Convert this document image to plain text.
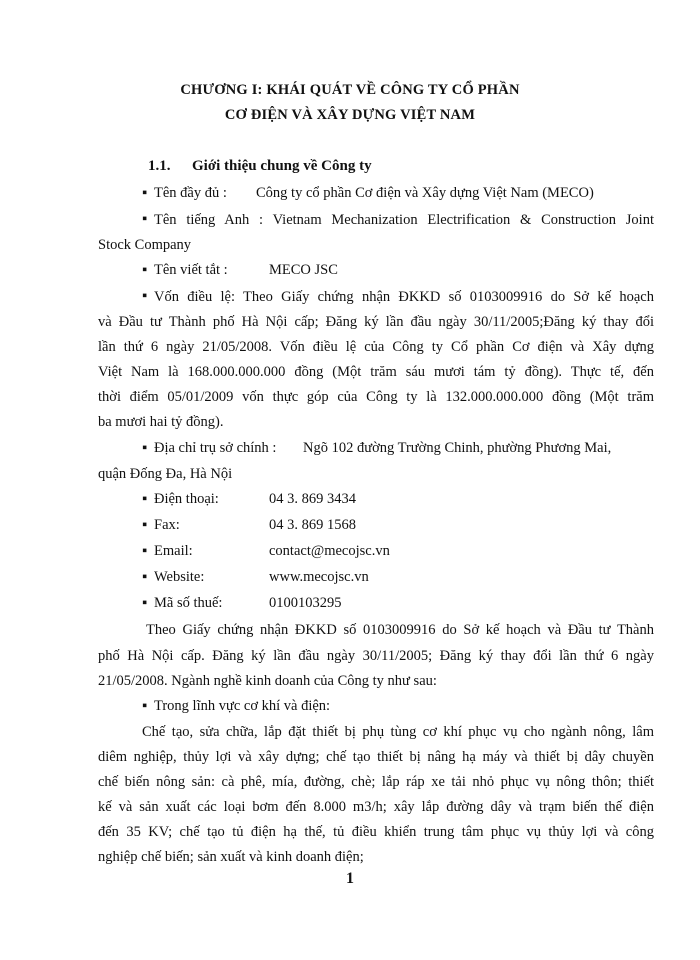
CHƯƠNG I: KHÁI QUÁT VỀ CÔNG TY CỔ PHẦN
CƠ ĐIỆN VÀ XÂY DỰNG VIỆT NAM
1.1. Giới thiệu chung về Công ty
▪ Tên đầy đủ : Công ty cổ phần Cơ điện và Xây dựng Việt Nam (MECO)
▪ Tên tiếng Anh : Vietnam Mechanization Electrification & Construction Joint
Stock Company
▪ Tên viết tắt :	MECO JSC
▪ Vốn điều lệ: Theo Giấy chứng nhận ĐKKD số 0103009916 do Sở kế hoạch
và Đầu tư Thành phố Hà Nội cấp; Đăng ký lần đầu ngày 30/11/2005;Đăng ký thay đổi
lần thứ 6 ngày 21/05/2008. Vốn điều lệ của Công ty Cổ phần Cơ điện và Xây dựng
Việt Nam là 168.000.000.000 đồng (Một trăm sáu mươi tám tỷ đồng). Thực tế, đến
thời điểm 05/01/2009 vốn thực góp của Công ty là 132.000.000.000 đồng (Một trăm
ba mươi hai tỷ đồng).
▪ Địa chỉ trụ sở chính : Ngõ 102 đường Trường Chinh, phường Phương Mai,
quận Đống Đa, Hà Nội
▪ Điện thoại:	04 3. 869 3434
▪ Fax:	04 3. 869 1568
▪ Email:	contact@mecojsc.vn
▪ Website:	www.mecojsc.vn
▪ Mã số thuế:	0100103295
Theo Giấy chứng nhận ĐKKD số 0103009916 do Sở kế hoạch và Đầu tư Thành
phố Hà Nội cấp. Đăng ký lần đầu ngày 30/11/2005; Đăng ký thay đổi lần thứ 6 ngày
21/05/2008. Ngành nghề kinh doanh của Công ty như sau:
▪ Trong lĩnh vực cơ khí và điện:
Chế tạo, sửa chữa, lắp đặt thiết bị phụ tùng cơ khí phục vụ cho ngành nông, lâm
diêm nghiệp, thủy lợi và xây dựng; chế tạo thiết bị nâng hạ máy và thiết bị dây chuyền
chế biến nông sản: cà phê, mía, đường, chè; lắp ráp xe tải nhỏ phục vụ nông thôn; thiết
kế và sản xuất các loại bơm đến 8.000 m3/h; xây lắp đường dây và trạm biến thế điện
đến 35 KV; chế tạo tủ điện hạ thế, tủ điều khiển trung tâm phục vụ thủy lợi và công
nghiệp chế biến; sản xuất và kinh doanh điện;
1
